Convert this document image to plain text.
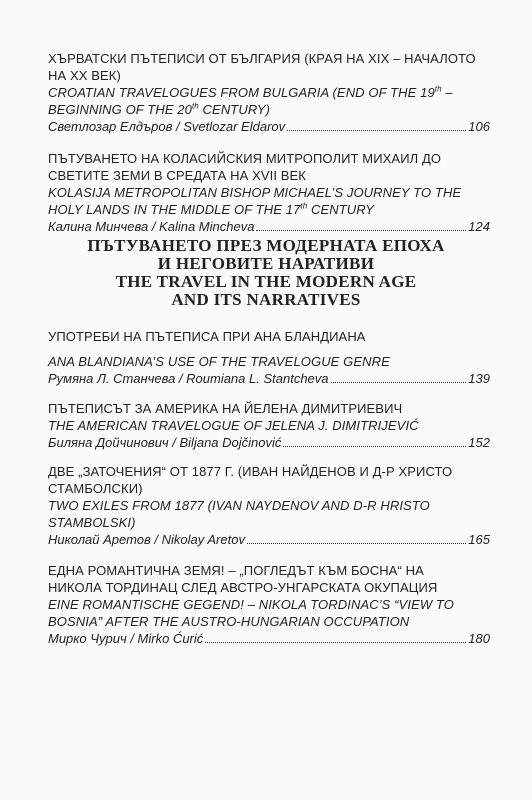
ХЪРВАТСКИ ПЪТЕПИСИ ОТ БЪЛГАРИЯ (КРАЯ НА XIX – НАЧАЛОТО
НА XX ВЕК)
CROATIAN TRAVELOGUES FROM BULGARIA (END OF THE 19th –
BEGINNING OF THE 20th CENTURY)
Светлозар Елдъров / Svetlozar Eldarov	106
ПЪТУВАНЕТО НА КОЛАСИЙСКИЯ МИТРОПОЛИТ МИХАИЛ ДО
СВЕТИТЕ ЗЕМИ В СРЕДАТА НА XVII ВЕК
KOLASIJA METROPOLITAN BISHOP MICHAEL’S JOURNEY TO THE
HOLY LANDS IN THE MIDDLE OF THE 17th CENTURY
Калина Минчева / Kalina Mincheva	124
ПЪТУВАНЕТО ПРЕЗ МОДЕРНАТА ЕПОХА
И НЕГОВИТЕ НАРАТИВИ
THE TRAVEL IN THE MODERN AGE
AND ITS NARRATIVES
УПОТРЕБИ НА ПЪТЕПИСА ПРИ АНА БЛАНДИАНА
ANA BLANDIANA’S USE OF THE TRAVELOGUE GENRE
Румяна Л. Станчева / Roumiana L. Stantcheva	139
ПЪТЕПИСЪТ ЗА АМЕРИКА НА ЙЕЛЕНА ДИМИТРИЕВИЧ
THE AMERICAN TRAVELOGUE OF JELENA J. DIMITRIJEVIĆ
Биляна Дойчинович / Biljana Dojčinović	152
ДВЕ „ЗАТОЧЕНИЯ“ ОТ 1877 Г. (ИВАН НАЙДЕНОВ И Д-Р ХРИСТО
СТАМБОЛСКИ)
TWO EXILES FROM 1877 (IVAN NAYDENOV AND D-R HRISTO
STAMBOLSKI)
Николай Аретов / Nikolay Aretov	165
ЕДНА РОМАНТИЧНА ЗЕМЯ! – „ПОГЛЕДЪТ КЪМ БОСНА“ НА
НИКОЛА ТОРДИНАЦ СЛЕД АВСТРО-УНГАРСКАТА ОКУПАЦИЯ
EINE ROMANTISCHE GEGEND! – NIKOLA TORDINAC’S “VIEW TO
BOSNIA” AFTER THE AUSTRO-HUNGARIAN OCCUPATION
Мирко Чурич / Mirko Ćurić	180
